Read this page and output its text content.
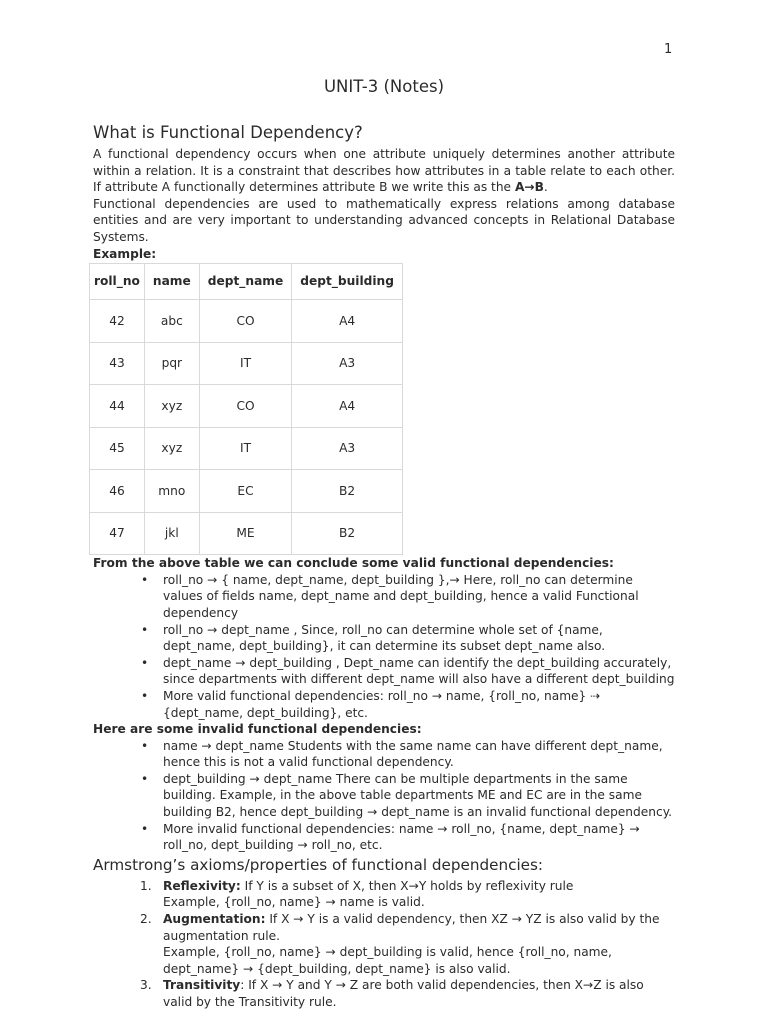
1
UNIT-3 (Notes)
What is Functional Dependency?

A functional dependency occurs when one attribute uniquely determines another attribute within a relation. It is a constraint that describes how attributes in a table relate to each other. If attribute A functionally determines attribute B we write this as the A→B.

Functional dependencies are used to mathematically express relations among database entities and are very important to understanding advanced concepts in Relational Database Systems.

Example:
roll_no	name	dept_name	dept_building
42	abc	CO	A4
43	pqr	IT	A3
44	xyz	CO	A4
45	xyz	IT	A3
46	mno	EC	B2
47	jkl	ME	B2
From the above table we can conclude some valid functional dependencies:
• roll_no → { name, dept_name, dept_building },→ Here, roll_no can determine values of fields name, dept_name and dept_building, hence a valid Functional dependency
• roll_no → dept_name , Since, roll_no can determine whole set of {name, dept_name, dept_building}, it can determine its subset dept_name also.
• dept_name → dept_building , Dept_name can identify the dept_building accurately, since departments with different dept_name will also have a different dept_building
• More valid functional dependencies: roll_no → name, {roll_no, name} ⇢ {dept_name, dept_building}, etc.
Here are some invalid functional dependencies:
• name → dept_name Students with the same name can have different dept_name, hence this is not a valid functional dependency.
• dept_building → dept_name There can be multiple departments in the same building. Example, in the above table departments ME and EC are in the same building B2, hence dept_building → dept_name is an invalid functional dependency.
• More invalid functional dependencies: name → roll_no, {name, dept_name} → roll_no, dept_building → roll_no, etc.
Armstrong’s axioms/properties of functional dependencies:
1. Reflexivity: If Y is a subset of X, then X→Y holds by reflexivity rule
Example, {roll_no, name} → name is valid.
2. Augmentation: If X → Y is a valid dependency, then XZ → YZ is also valid by the augmentation rule.
Example, {roll_no, name} → dept_building is valid, hence {roll_no, name, dept_name} → {dept_building, dept_name} is also valid.
3. Transitivity: If X → Y and Y → Z are both valid dependencies, then X→Z is also valid by the Transitivity rule.
